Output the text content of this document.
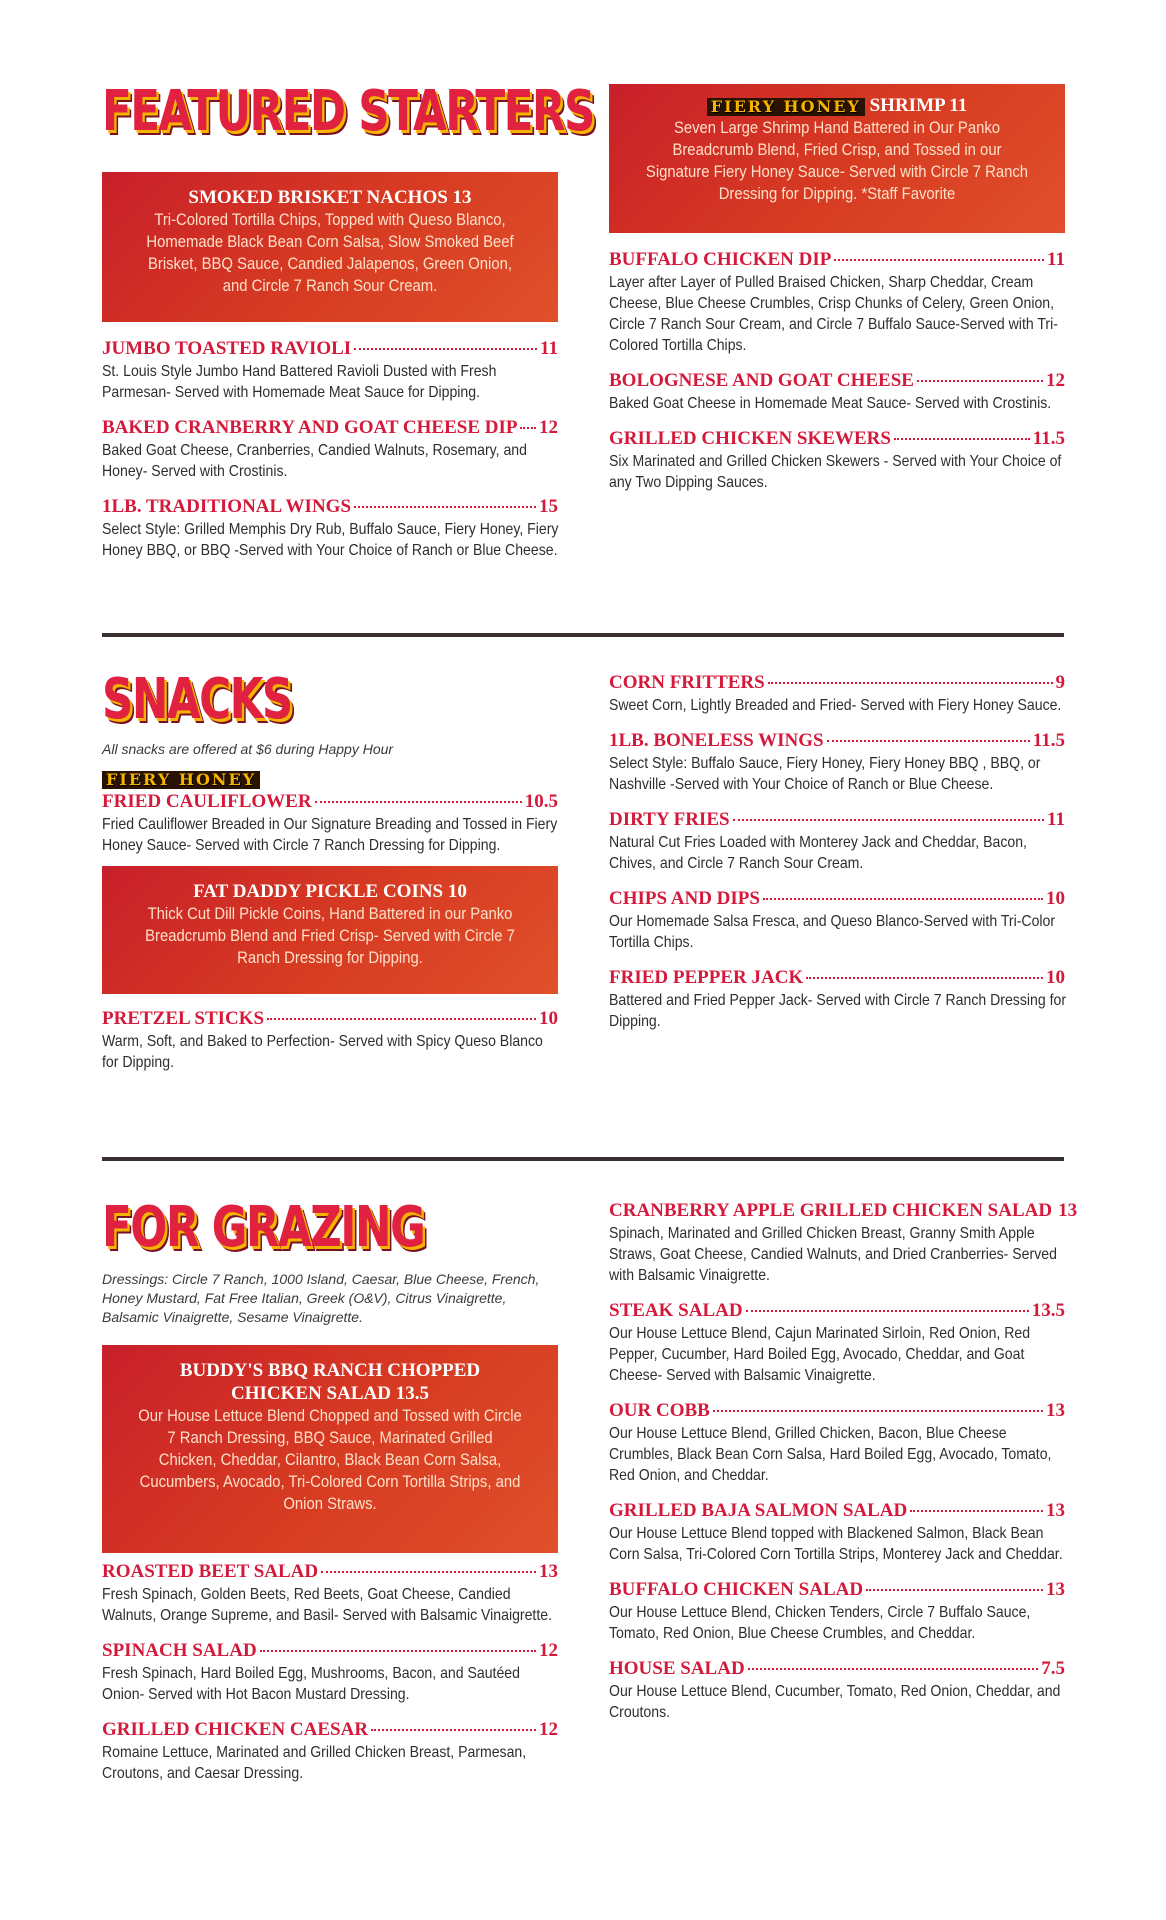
FEATURED STARTERS
SMOKED BRISKET NACHOS 13
Tri-Colored Tortilla Chips, Topped with Queso Blanco, Homemade Black Bean Corn Salsa, Slow Smoked Beef Brisket, BBQ Sauce, Candied Jalapenos, Green Onion, and Circle 7 Ranch Sour Cream.
JUMBO TOASTED RAVIOLI	11
St. Louis Style Jumbo Hand Battered Ravioli Dusted with Fresh Parmesan- Served with Homemade Meat Sauce for Dipping.
BAKED CRANBERRY AND GOAT CHEESE DIP 12
Baked Goat Cheese, Cranberries, Candied Walnuts, Rosemary, and Honey- Served with Crostinis.
1LB. TRADITIONAL WINGS	15
Select Style: Grilled Memphis Dry Rub, Buffalo Sauce, Fiery Honey, Fiery Honey BBQ, or BBQ -Served with Your Choice of Ranch or Blue Cheese.
FIERY HONEY SHRIMP 11
Seven Large Shrimp Hand Battered in Our Panko Breadcrumb Blend, Fried Crisp, and Tossed in our Signature Fiery Honey Sauce- Served with Circle 7 Ranch Dressing for Dipping. *Staff Favorite
BUFFALO CHICKEN DIP	11
Layer after Layer of Pulled Braised Chicken, Sharp Cheddar, Cream Cheese, Blue Cheese Crumbles, Crisp Chunks of Celery, Green Onion, Circle 7 Ranch Sour Cream, and Circle 7 Buffalo Sauce-Served with Tri-Colored Tortilla Chips.
BOLOGNESE AND GOAT CHEESE	12
Baked Goat Cheese in Homemade Meat Sauce- Served with Crostinis.
GRILLED CHICKEN SKEWERS	11.5
Six Marinated and Grilled Chicken Skewers - Served with Your Choice of any Two Dipping Sauces.
SNACKS

All snacks are offered at $6 during Happy Hour

FIERY HONEY
FRIED CAULIFLOWER	10.5
Fried Cauliflower Breaded in Our Signature Breading and Tossed in Fiery Honey Sauce- Served with Circle 7 Ranch Dressing for Dipping.
FAT DADDY PICKLE COINS 10
Thick Cut Dill Pickle Coins, Hand Battered in our Panko Breadcrumb Blend and Fried Crisp- Served with Circle 7 Ranch Dressing for Dipping.
PRETZEL STICKS	10
Warm, Soft, and Baked to Perfection- Served with Spicy Queso Blanco for Dipping.
CORN FRITTERS	9
Sweet Corn, Lightly Breaded and Fried- Served with Fiery Honey Sauce.
1LB. BONELESS WINGS	11.5
Select Style: Buffalo Sauce, Fiery Honey, Fiery Honey BBQ , BBQ, or Nashville -Served with Your Choice of Ranch or Blue Cheese.
DIRTY FRIES	11
Natural Cut Fries Loaded with Monterey Jack and Cheddar, Bacon, Chives, and Circle 7 Ranch Sour Cream.
CHIPS AND DIPS	10
Our Homemade Salsa Fresca, and Queso Blanco-Served with Tri-Color Tortilla Chips.
FRIED PEPPER JACK	10
Battered and Fried Pepper Jack- Served with Circle 7 Ranch Dressing for Dipping.
FOR GRAZING

Dressings: Circle 7 Ranch, 1000 Island, Caesar, Blue Cheese, French, Honey Mustard, Fat Free Italian, Greek (O&V), Citrus Vinaigrette, Balsamic Vinaigrette, Sesame Vinaigrette.

BUDDY'S BBQ RANCH CHOPPED
CHICKEN SALAD 13.5
Our House Lettuce Blend Chopped and Tossed with Circle 7 Ranch Dressing, BBQ Sauce, Marinated Grilled Chicken, Cheddar, Cilantro, Black Bean Corn Salsa, Cucumbers, Avocado, Tri-Colored Corn Tortilla Strips, and Onion Straws.
ROASTED BEET SALAD	13
Fresh Spinach, Golden Beets, Red Beets, Goat Cheese, Candied Walnuts, Orange Supreme, and Basil- Served with Balsamic Vinaigrette.
SPINACH SALAD	12
Fresh Spinach, Hard Boiled Egg, Mushrooms, Bacon, and Sautéed Onion- Served with Hot Bacon Mustard Dressing.
GRILLED CHICKEN CAESAR	12
Romaine Lettuce, Marinated and Grilled Chicken Breast, Parmesan, Croutons, and Caesar Dressing.
CRANBERRY APPLE GRILLED CHICKEN SALAD 13
Spinach, Marinated and Grilled Chicken Breast, Granny Smith Apple Straws, Goat Cheese, Candied Walnuts, and Dried Cranberries- Served with Balsamic Vinaigrette.
STEAK SALAD	13.5
Our House Lettuce Blend, Cajun Marinated Sirloin, Red Onion, Red Pepper, Cucumber, Hard Boiled Egg, Avocado, Cheddar, and Goat Cheese- Served with Balsamic Vinaigrette.
OUR COBB	13
Our House Lettuce Blend, Grilled Chicken, Bacon, Blue Cheese Crumbles, Black Bean Corn Salsa, Hard Boiled Egg, Avocado, Tomato, Red Onion, and Cheddar.
GRILLED BAJA SALMON SALAD	13
Our House Lettuce Blend topped with Blackened Salmon, Black Bean Corn Salsa, Tri-Colored Corn Tortilla Strips, Monterey Jack and Cheddar.
BUFFALO CHICKEN SALAD	13
Our House Lettuce Blend, Chicken Tenders, Circle 7 Buffalo Sauce, Tomato, Red Onion, Blue Cheese Crumbles, and Cheddar.
HOUSE SALAD	7.5
Our House Lettuce Blend, Cucumber, Tomato, Red Onion, Cheddar, and Croutons.
